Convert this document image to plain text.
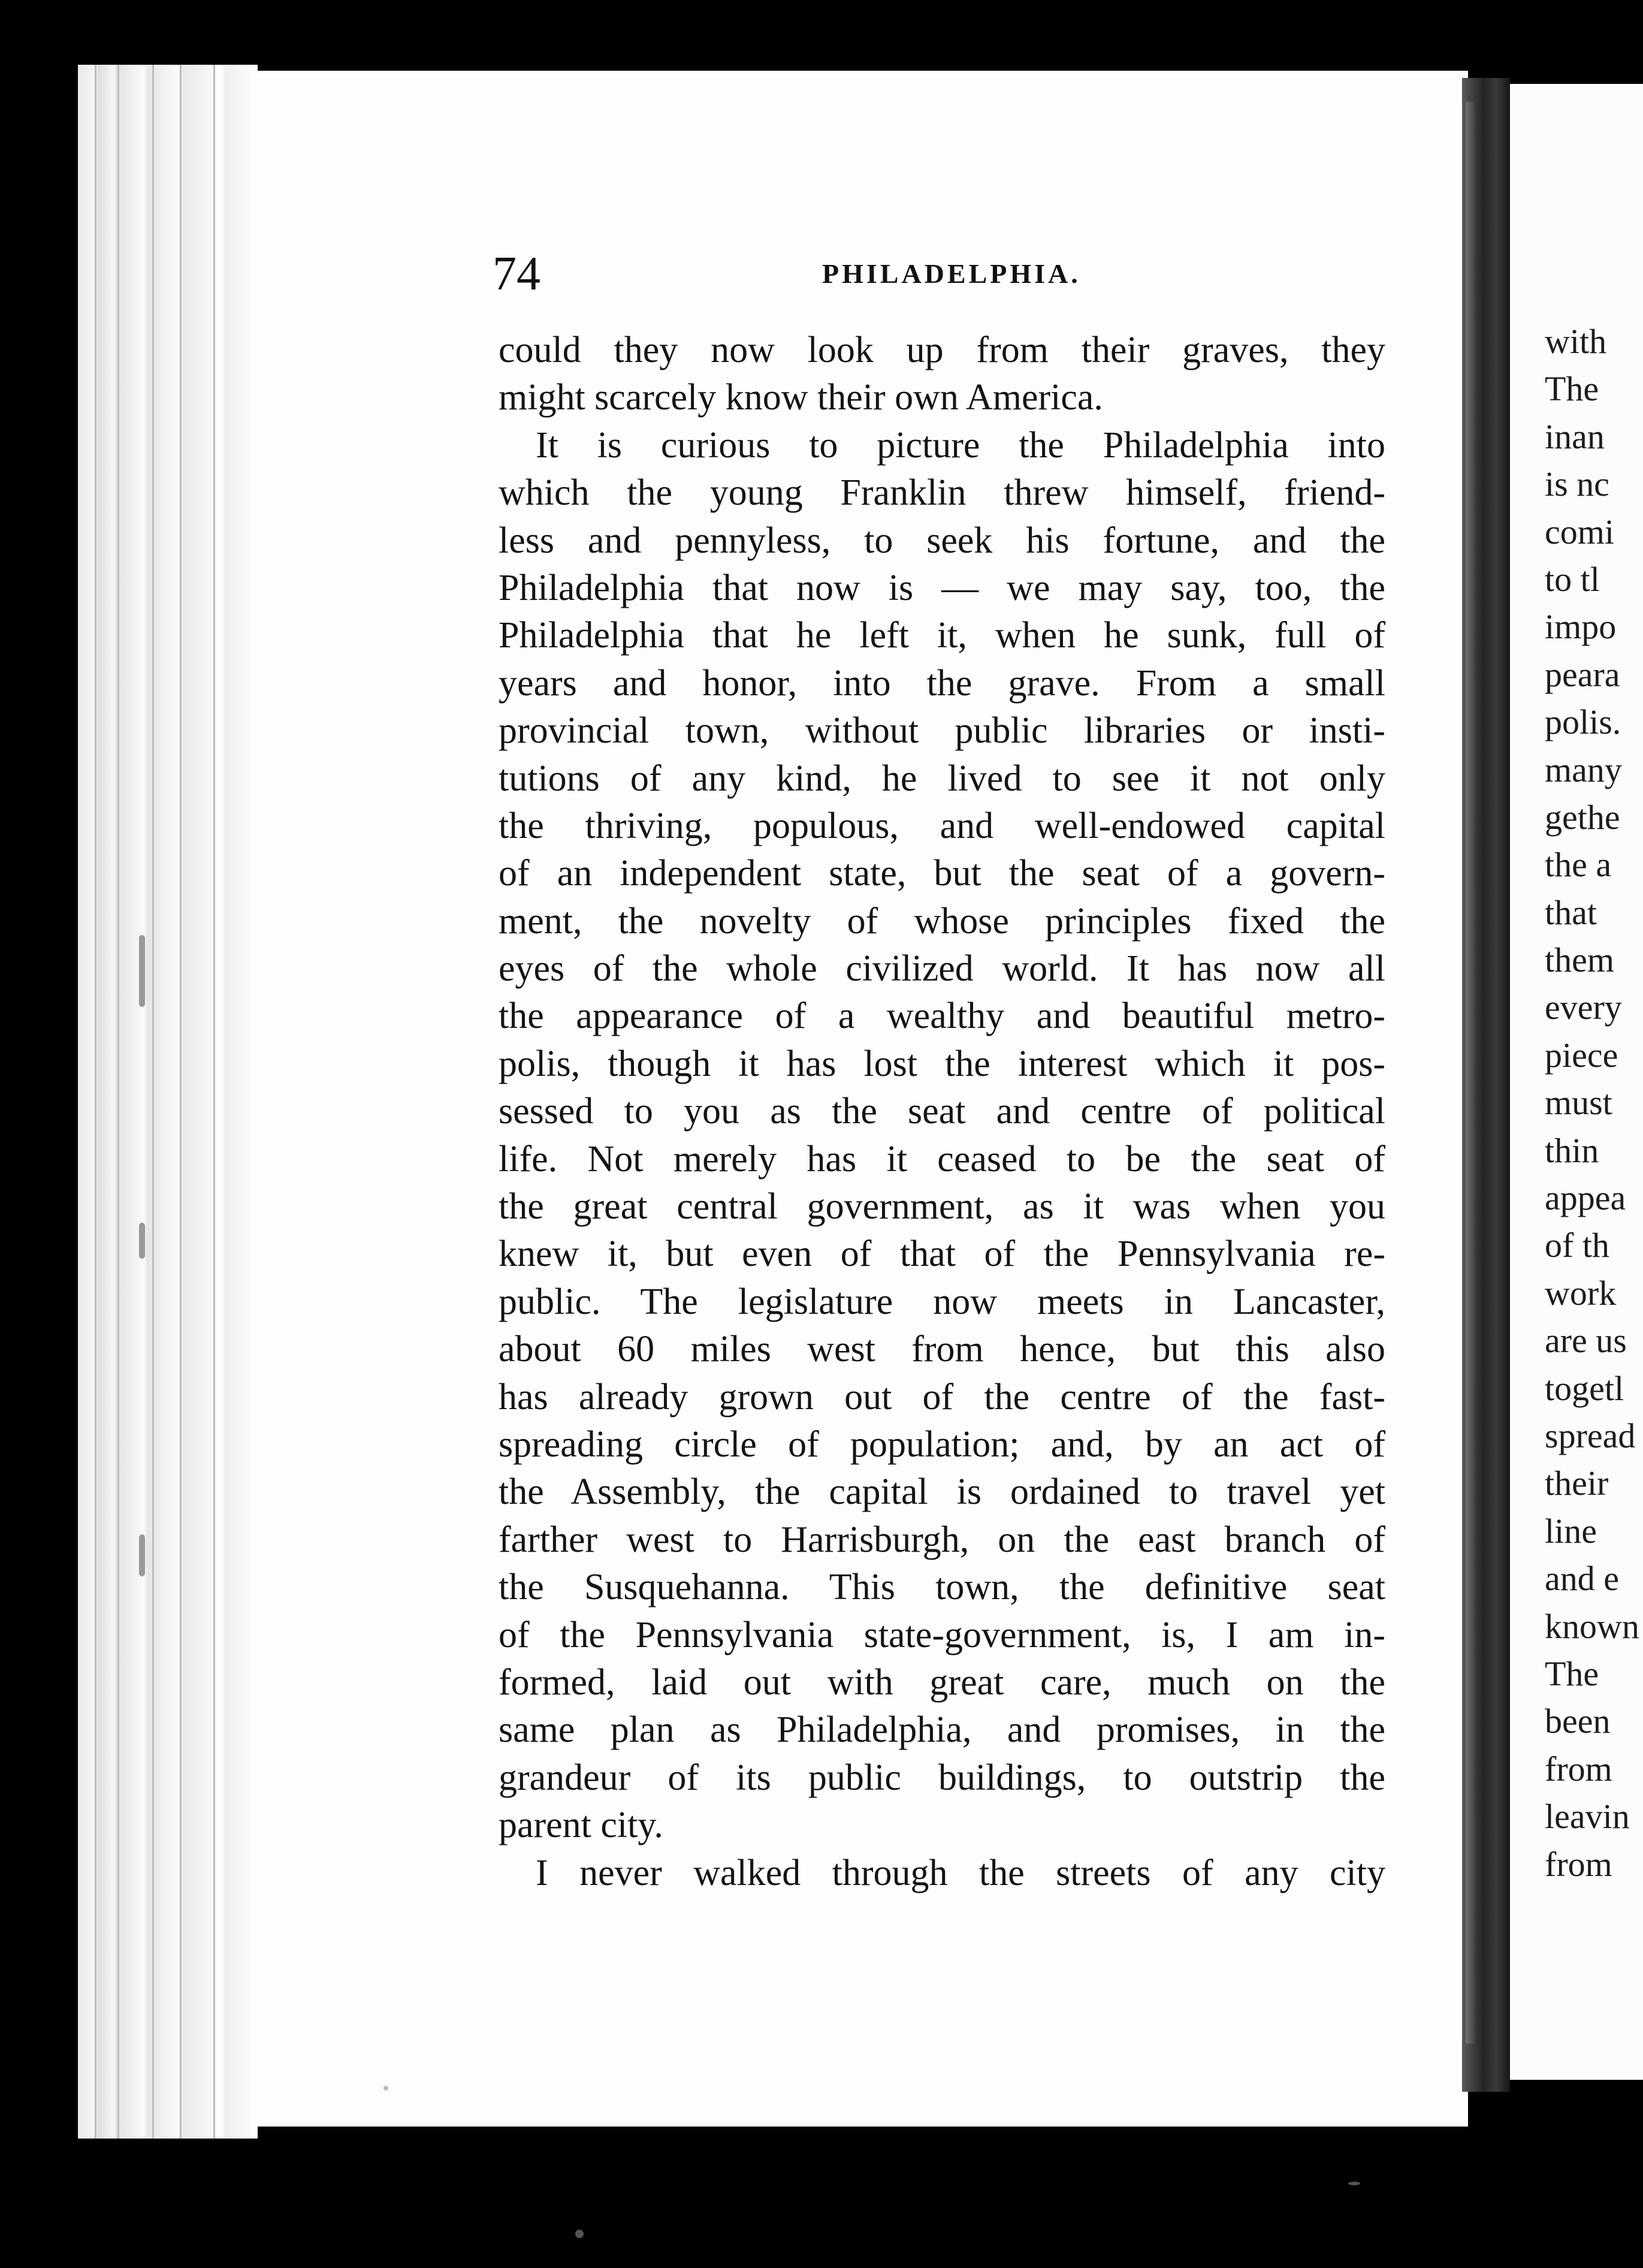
74	PHILADELPHIA.
could they now look up from their graves, they
might scarcely know their own America.
It is curious to picture the Philadelphia into
which the young Franklin threw himself, friend-
less and pennyless, to seek his fortune, and the
Philadelphia that now is — we may say, too, the
Philadelphia that he left it, when he sunk, full of
years and honor, into the grave. From a small
provincial town, without public libraries or insti-
tutions of any kind, he lived to see it not only
the thriving, populous, and well-endowed capital
of an independent state, but the seat of a govern-
ment, the novelty of whose principles fixed the
eyes of the whole civilized world. It has now all
the appearance of a wealthy and beautiful metro-
polis, though it has lost the interest which it pos-
sessed to you as the seat and centre of political
life. Not merely has it ceased to be the seat of
the great central government, as it was when you
knew it, but even of that of the Pennsylvania re-
public. The legislature now meets in Lancaster,
about 60 miles west from hence, but this also
has already grown out of the centre of the fast-
spreading circle of population; and, by an act of
the Assembly, the capital is ordained to travel yet
farther west to Harrisburgh, on the east branch of
the Susquehanna. This town, the definitive seat
of the Pennsylvania state-government, is, I am in-
formed, laid out with great care, much on the
same plan as Philadelphia, and promises, in the
grandeur of its public buildings, to outstrip the
parent city.
I never walked through the streets of any city
with
The
inan
is nc
comi
to tl
impo
peara
polis.
many
gethe
the a
that
them
every
piece
must
thin
appea
of th
work
are us
togetl
spread
their
line
and e
known
The
been
from
leavin
from
